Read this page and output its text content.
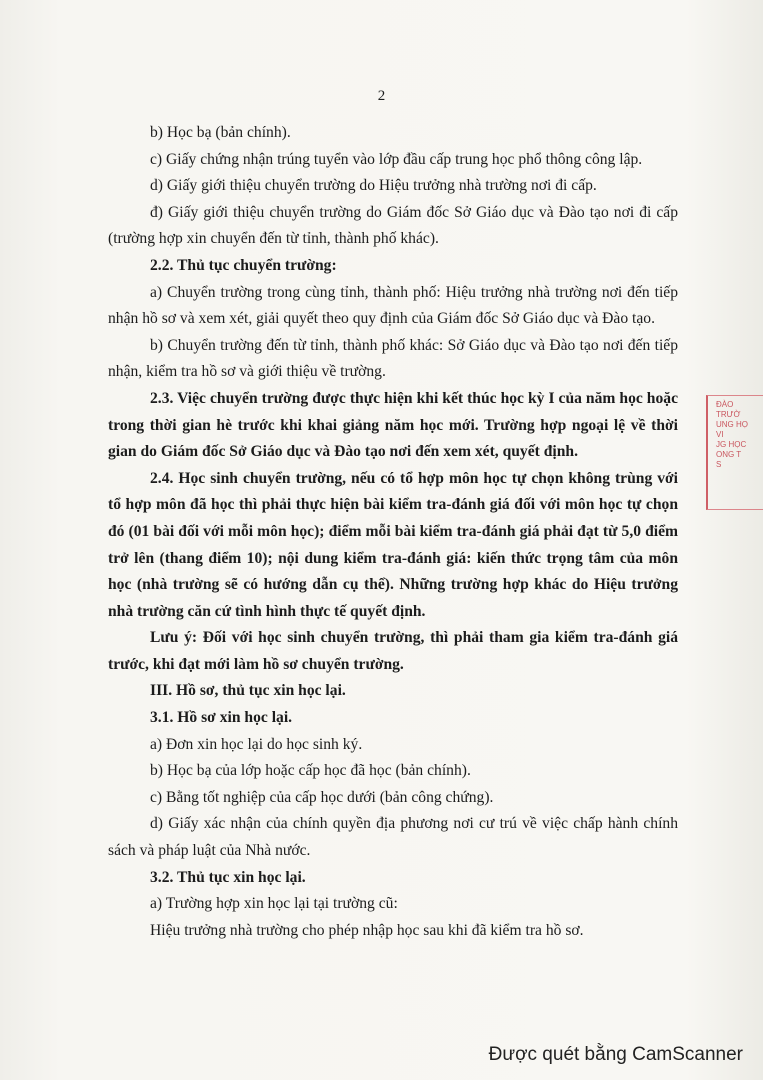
2

b) Học bạ (bản chính).

c) Giấy chứng nhận trúng tuyển vào lớp đầu cấp trung học phổ thông công lập.

d) Giấy giới thiệu chuyển trường do Hiệu trưởng nhà trường nơi đi cấp.

đ) Giấy giới thiệu chuyển trường do Giám đốc Sở Giáo dục và Đào tạo nơi đi cấp (trường hợp xin chuyển đến từ tỉnh, thành phố khác).

2.2. Thủ tục chuyển trường:

a) Chuyển trường trong cùng tỉnh, thành phố: Hiệu trưởng nhà trường nơi đến tiếp nhận hồ sơ và xem xét, giải quyết theo quy định của Giám đốc Sở Giáo dục và Đào tạo.

b) Chuyển trường đến từ tỉnh, thành phố khác: Sở Giáo dục và Đào tạo nơi đến tiếp nhận, kiểm tra hồ sơ và giới thiệu về trường.

2.3. Việc chuyển trường được thực hiện khi kết thúc học kỳ I của năm học hoặc trong thời gian hè trước khi khai giảng năm học mới. Trường hợp ngoại lệ về thời gian do Giám đốc Sở Giáo dục và Đào tạo nơi đến xem xét, quyết định.

2.4. Học sinh chuyển trường, nếu có tổ hợp môn học tự chọn không trùng với tổ hợp môn đã học thì phải thực hiện bài kiểm tra-đánh giá đối với môn học tự chọn đó (01 bài đối với mỗi môn học); điểm mỗi bài kiểm tra-đánh giá phải đạt từ 5,0 điểm trở lên (thang điểm 10); nội dung kiểm tra-đánh giá: kiến thức trọng tâm của môn học (nhà trường sẽ có hướng dẫn cụ thể). Những trường hợp khác do Hiệu trưởng nhà trường căn cứ tình hình thực tế quyết định.

Lưu ý: Đối với học sinh chuyển trường, thì phải tham gia kiểm tra-đánh giá trước, khi đạt mới làm hồ sơ chuyển trường.

III. Hồ sơ, thủ tục xin học lại.

3.1. Hồ sơ xin học lại.

a) Đơn xin học lại do học sinh ký.

b) Học bạ của lớp hoặc cấp học đã học (bản chính).

c) Bằng tốt nghiệp của cấp học dưới (bản công chứng).

d) Giấy xác nhận của chính quyền địa phương nơi cư trú về việc chấp hành chính sách và pháp luật của Nhà nước.

3.2. Thủ tục xin học lại.

a) Trường hợp xin học lại tại trường cũ:

Hiệu trưởng nhà trường cho phép nhập học sau khi đã kiểm tra hồ sơ.

ĐÀO
TRƯỜ
UNG HỌ
VI
JG HỌC
ONG T
S
Được quét bằng CamScanner
